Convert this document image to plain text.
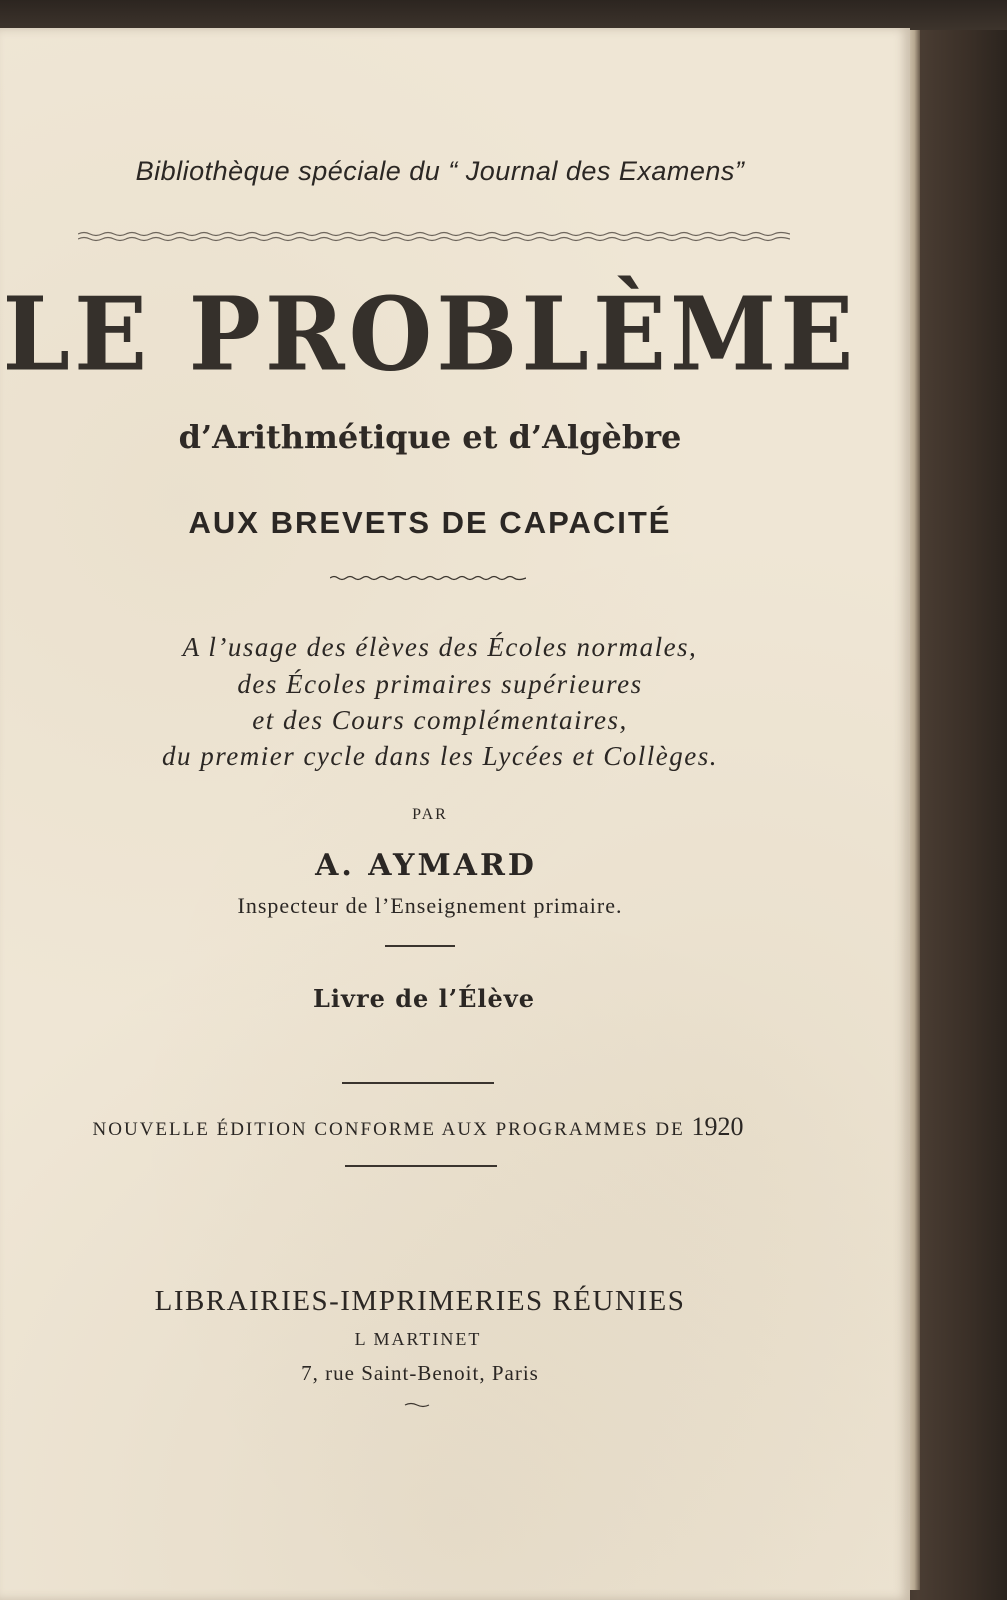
Bibliothèque spéciale du “ Journal des Examens”
LE PROBLÈME
d’Arithmétique et d’Algèbre
AUX BREVETS DE CAPACITÉ
A l’usage des élèves des Écoles normales,
des Écoles primaires supérieures
et des Cours complémentaires,
du premier cycle dans les Lycées et Collèges.
PAR
A. AYMARD
Inspecteur de l’Enseignement primaire.
Livre de l’Élève
NOUVELLE ÉDITION CONFORME AUX PROGRAMMES DE 1920
LIBRAIRIES-IMPRIMERIES RÉUNIES
L MARTINET
7, rue Saint-Benoit, Paris
